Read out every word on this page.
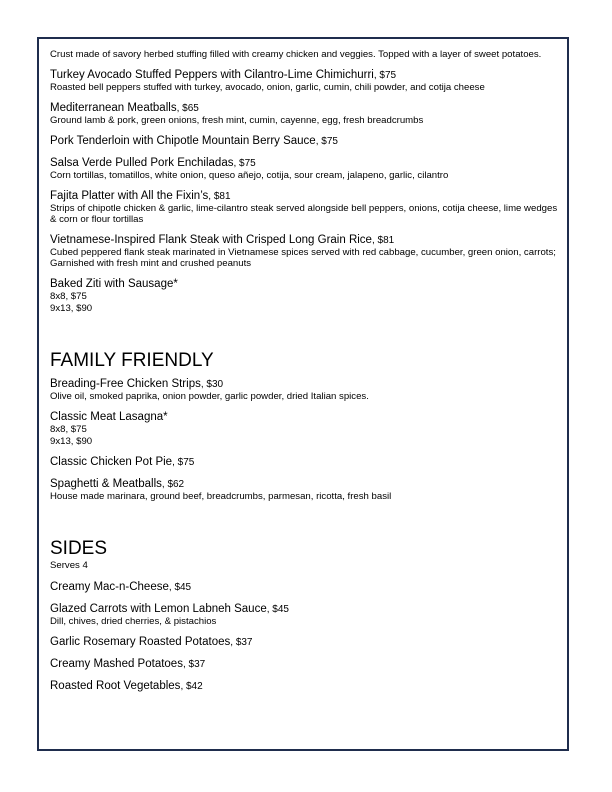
Crust made of savory herbed stuffing filled with creamy chicken and veggies. Topped with a layer of sweet potatoes.
Turkey Avocado Stuffed Peppers with Cilantro-Lime Chimichurri, $75
Roasted bell peppers stuffed with turkey, avocado, onion, garlic, cumin, chili powder, and cotija cheese
Mediterranean Meatballs, $65
Ground lamb & pork, green onions, fresh mint, cumin, cayenne, egg, fresh breadcrumbs
Pork Tenderloin with Chipotle Mountain Berry Sauce, $75
Salsa Verde Pulled Pork Enchiladas, $75
Corn tortillas, tomatillos, white onion, queso añejo, cotija, sour cream, jalapeno, garlic, cilantro
Fajita Platter with All the Fixin’s, $81
Strips of chipotle chicken & garlic, lime-cilantro steak served alongside bell peppers, onions, cotija cheese, lime wedges & corn or flour tortillas
Vietnamese-Inspired Flank Steak with Crisped Long Grain Rice, $81
Cubed peppered flank steak marinated in Vietnamese spices served with red cabbage, cucumber, green onion, carrots; Garnished with fresh mint and crushed peanuts
Baked Ziti with Sausage*
8x8, $75
9x13, $90
FAMILY FRIENDLY
Breading-Free Chicken Strips, $30
Olive oil, smoked paprika, onion powder, garlic powder, dried Italian spices.
Classic Meat Lasagna*
8x8, $75
9x13, $90
Classic Chicken Pot Pie, $75
Spaghetti & Meatballs, $62
House made marinara, ground beef, breadcrumbs, parmesan, ricotta, fresh basil
SIDES
Serves 4
Creamy Mac-n-Cheese, $45
Glazed Carrots with Lemon Labneh Sauce, $45
Dill, chives, dried cherries, & pistachios
Garlic Rosemary Roasted Potatoes, $37
Creamy Mashed Potatoes, $37
Roasted Root Vegetables, $42
